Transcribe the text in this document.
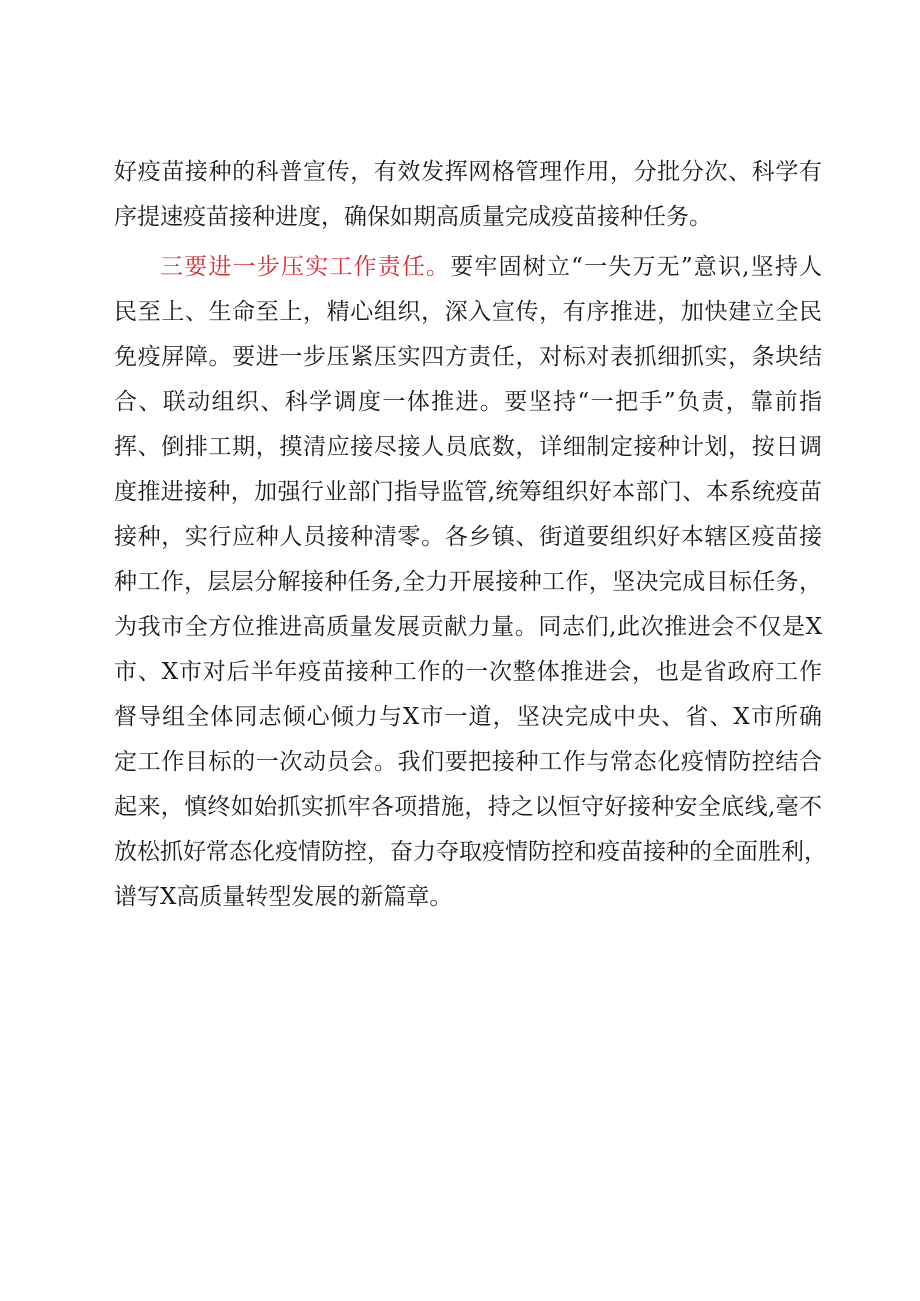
好疫苗接种的科普宣传，有效发挥网格管理作用，分批分次、科学有
序提速疫苗接种进度，确保如期高质量完成疫苗接种任务。
三要进一步压实工作责任。要牢固树立“一失万无”意识,坚持人
民至上、生命至上，精心组织，深入宣传，有序推进，加快建立全民
免疫屏障。要进一步压紧压实四方责任，对标对表抓细抓实，条块结
合、联动组织、科学调度一体推进。要坚持“一把手”负责，靠前指
挥、倒排工期，摸清应接尽接人员底数，详细制定接种计划，按日调
度推进接种，加强行业部门指导监管,统筹组织好本部门、本系统疫苗
接种，实行应种人员接种清零。各乡镇、街道要组织好本辖区疫苗接
种工作，层层分解接种任务,全力开展接种工作，坚决完成目标任务，
为我市全方位推进高质量发展贡献力量。同志们,此次推进会不仅是X
市、X市对后半年疫苗接种工作的一次整体推进会，也是省政府工作
督导组全体同志倾心倾力与X市一道，坚决完成中央、省、X市所确
定工作目标的一次动员会。我们要把接种工作与常态化疫情防控结合
起来，慎终如始抓实抓牢各项措施，持之以恒守好接种安全底线,毫不
放松抓好常态化疫情防控，奋力夺取疫情防控和疫苗接种的全面胜利，
谱写X高质量转型发展的新篇章。
